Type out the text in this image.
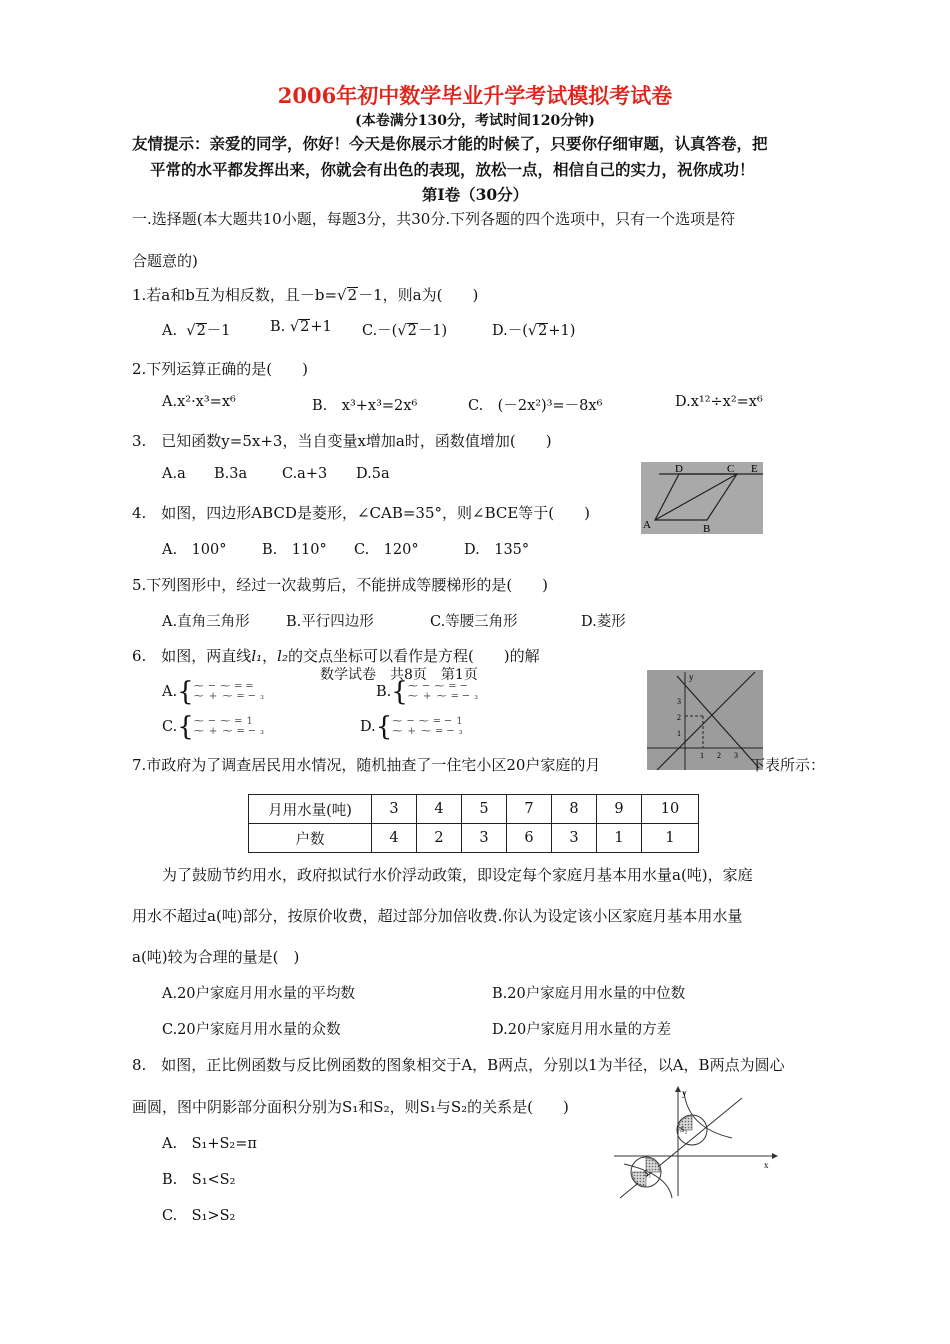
2006年初中数学毕业升学考试模拟考试卷
(本卷满分130分，考试时间120分钟)
友情提示：亲爱的同学，你好！今天是你展示才能的时候了，只要你仔细审题，认真答卷，把
平常的水平都发挥出来，你就会有出色的表现，放松一点，相信自己的实力，祝你成功！
第Ⅰ卷（30分）
一.选择题(本大题共10小题，每题3分，共30分.下列各题的四个选项中，只有一个选项是符
合题意的)
1.若a和b互为相反数，且－b=√2－1，则a为(　　)
A.  √2－1	B. √2+1 C.－(√2－1)	D.－(√2+1)
2.下列运算正确的是(　　)
A.x²·x³=x⁶	B.　x³+x³=2x⁶	C.　(－2x²)³=－8x⁶	D.x¹²÷x²=x⁶
3.　已知函数y=5x+3，当自变量x增加a时，函数值增加(　　)
A.a B.3a C.a+3 D.5a	D	C E
A	B
4.　如图，四边形ABCD是菱形，∠CAB=35°，则∠BCE等于(　　)
A.　100° B.　110° C.　120°	D.　135°
5.下列图形中，经过一次裁剪后，不能拼成等腰梯形的是(　　)
A.直角三角形	B.平行四边形	C.等腰三角形	D.菱形
6.　如图，两直线l₁，l₂的交点坐标可以看作是方程(　　)的解
数学试卷　共8页　第1页
A.{⁓ ─ ⁓ ═ ═
⁓ + ⁓ ═ ─ ₃	B.{⁓ ─ ⁓ ═ ─
⁓ + ⁓ ═ ─ ₃
C.{⁓ ─ ⁓ ═ 1
⁓ + ⁓ ═ ─ ₃	D.{⁓ ─ ⁓ ═ ─ 1
⁓ + ⁓ ═ ─ ₃
y
3
2
1
1 2 3
7.市政府为了调查居民用水情况，随机抽查了一住宅小区20户家庭的月	下表所示：
月用水量(吨)	3	4	5	7	8	9	10
户数	4	2	3	6	3	1	1
为了鼓励节约用水，政府拟试行水价浮动政策，即设定每个家庭月基本用水量a(吨)，家庭
用水不超过a(吨)部分，按原价收费，超过部分加倍收费.你认为设定该小区家庭月基本用水量
a(吨)较为合理的量是(　)
A.20户家庭月用水量的平均数	B.20户家庭月用水量的中位数
C.20户家庭月用水量的众数	D.20户家庭月用水量的方差
8.　如图，正比例函数与反比例函数的图象相交于A，B两点，分别以1为半径，以A，B两点为圆心
画圆，图中阴影部分面积分别为S₁和S₂，则S₁与S₂的关系是(　　)
A.　S₁+S₂=π
B.　S₁<S₂
C.　S₁>S₂
y
x
S₁
S₂
